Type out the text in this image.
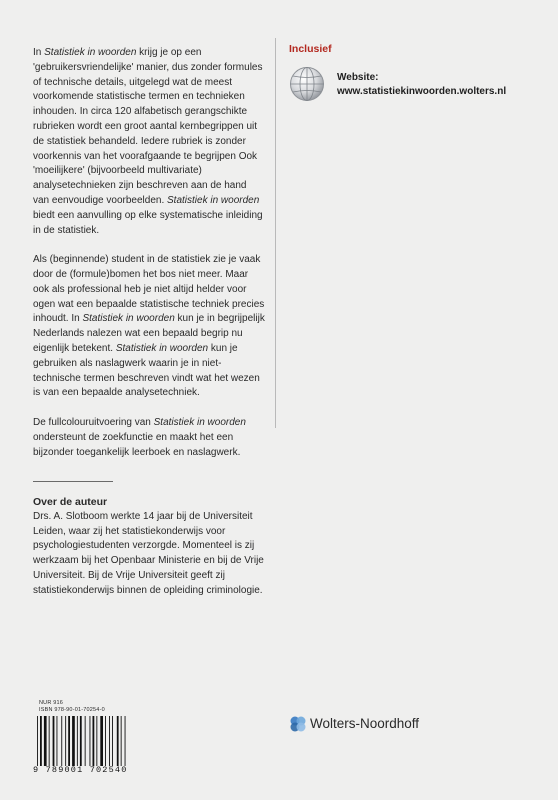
In Statistiek in woorden krijg je op een 'gebruikersvriendelijke' manier, dus zonder formules of technische details, uitgelegd wat de meest voorkomende statistische termen en technieken inhouden. In circa 120 alfabetisch gerangschikte rubrieken wordt een groot aantal kernbegrippen uit de statistiek behandeld. Iedere rubriek is zonder voorkennis van het voorafgaande te begrijpen Ook 'moeilijkere' (bijvoorbeeld multivariate) analysetechnieken zijn beschreven aan de hand van eenvoudige voorbeelden. Statistiek in woorden biedt een aanvulling op elke systematische inleiding in de statistiek.

Als (beginnende) student in de statistiek zie je vaak door de (formule)bomen het bos niet meer. Maar ook als professional heb je niet altijd helder voor ogen wat een bepaalde statistische techniek precies inhoudt. In Statistiek in woorden kun je in begrijpelijk Nederlands nalezen wat een bepaald begrip nu eigenlijk betekent. Statistiek in woorden kun je gebruiken als naslagwerk waarin je in niet-technische termen beschreven vindt wat het wezen is van een bepaalde analysetechniek.

De fullcolouruitvoering van Statistiek in woorden ondersteunt de zoekfunctie en maakt het een bijzonder toegankelijk leerboek en naslagwerk.

Inclusief
Website:
www.statistiekinwoorden.wolters.nl
Over de auteur
Drs. A. Slotboom werkte 14 jaar bij de Universiteit Leiden, waar zij het statistiekonderwijs voor psychologiestudenten verzorgde. Momenteel is zij werkzaam bij het Openbaar Ministerie en bij de Vrije Universiteit. Bij de Vrije Universiteit geeft zij statistiekonderwijs binnen de opleiding criminologie.
NUR 916
ISBN 978-90-01-70254-0
9 789001 702540
Wolters-Noordhoff
